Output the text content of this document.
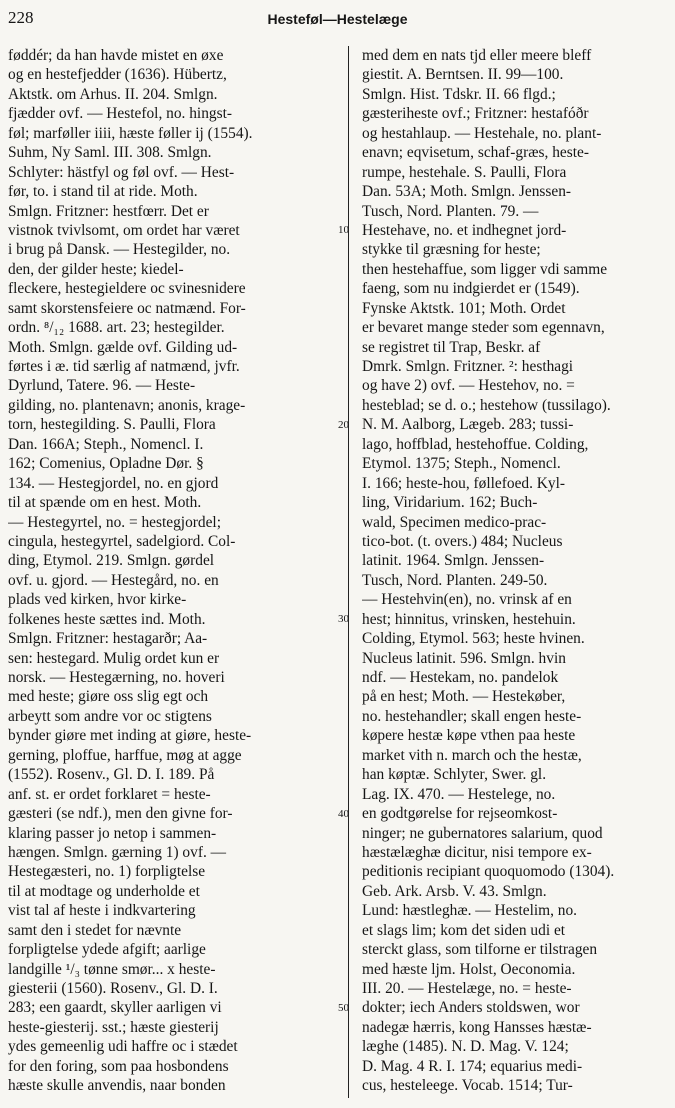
228	Hesteføl—Hestelæge
føddér; da han havde mistet en øxe
og en hestefjedder (1636). Hübertz,
Aktstk. om Arhus. II. 204. Smlgn.
fjædder ovf. — Hestefol, no. hingst-
føl; marføller iiii, hæste føller ij (1554).
Suhm, Ny Saml. III. 308. Smlgn.
Schlyter: hästfyl og føl ovf. — Hest-
før, to. i stand til at ride. Moth.
Smlgn. Fritzner: hestfœrr. Det er
vistnok tvivlsomt, om ordet har været
i brug på Dansk. — Hestegilder, no.
den, der gilder heste; kiedel-
fleckere, hestegieldere oc svinesnidere
samt skorstensfeiere oc natmænd. For-
ordn. ⁸/₁₂ 1688. art. 23; hestegilder.
Moth. Smlgn. gælde ovf. Gilding ud-
førtes i æ. tid særlig af natmænd, jvfr.
Dyrlund, Tatere. 96. — Heste-
gilding, no. plantenavn; anonis, krage-
torn, hestegilding. S. Paulli, Flora
Dan. 166A; Steph., Nomencl. I.
162; Comenius, Opladne Dør. §
134. — Hestegjordel, no. en gjord
til at spænde om en hest. Moth.
— Hestegyrtel, no. = hestegjordel;
cingula, hestegyrtel, sadelgiord. Col-
ding, Etymol. 219. Smlgn. gørdel
ovf. u. gjord. — Hestegård, no. en
plads ved kirken, hvor kirke-
folkenes heste sættes ind. Moth.
Smlgn. Fritzner: hestagarðr; Aa-
sen: hestegard. Mulig ordet kun er
norsk. — Hestegærning, no. hoveri
med heste; giøre oss slig egt och
arbeytt som andre vor oc stigtens
bynder giøre met inding at giøre, heste-
gerning, ploffue, harffue, møg at agge
(1552). Rosenv., Gl. D. I. 189. På
anf. st. er ordet forklaret = heste-
gæsteri (se ndf.), men den givne for-
klaring passer jo netop i sammen-
hængen. Smlgn. gærning 1) ovf. —
Hestegæsteri, no. 1) forpligtelse
til at modtage og underholde et
vist tal af heste i indkvartering
samt den i stedet for nævnte
forpligtelse ydede afgift; aarlige
landgille ¹/₃ tønne smør... x heste-
giesterii (1560). Rosenv., Gl. D. I.
283; een gaardt, skyller aarligen vi
heste-giesterij. sst.; hæste giesterij
ydes gemeenlig udi haffre oc i stædet
for den foring, som paa hosbondens
hæste skulle anvendis, naar bonden
med dem en nats tjd eller meere bleff
giestit. A. Berntsen. II. 99—100.
Smlgn. Hist. Tdskr. II. 66 flgd.;
gæsteriheste ovf.; Fritzner: hestafóðr
og hestahlaup. — Hestehale, no. plant-
enavn; eqvisetum, schaf-græs, heste-
rumpe, hestehale. S. Paulli, Flora
Dan. 53A; Moth. Smlgn. Jenssen-
Tusch, Nord. Planten. 79. —
Hestehave, no. et indhegnet jord-
stykke til græsning for heste;
then hestehaffue, som ligger vdi samme
faeng, som nu indgierdet er (1549).
Fynske Aktstk. 101; Moth. Ordet
er bevaret mange steder som egennavn,
se registret til Trap, Beskr. af
Dmrk. Smlgn. Fritzner. ²: hesthagi
og have 2) ovf. — Hestehov, no. =
hesteblad; se d. o.; hestehow (tussilago).
N. M. Aalborg, Lægeb. 283; tussi-
lago, hoffblad, hestehoffue. Colding,
Etymol. 1375; Steph., Nomencl.
I. 166; heste-hou, føllefoed. Kyl-
ling, Viridarium. 162; Buch-
wald, Specimen medico-prac-
tico-bot. (t. overs.) 484; Nucleus
latinit. 1964. Smlgn. Jenssen-
Tusch, Nord. Planten. 249-50.
— Hestehvin(en), no. vrinsk af en
hest; hinnitus, vrinsken, hestehuin.
Colding, Etymol. 563; heste hvinen.
Nucleus latinit. 596. Smlgn. hvin
ndf. — Hestekam, no. pandelok
på en hest; Moth. — Hestekøber,
no. hestehandler; skall engen heste-
køpere hestæ køpe vthen paa heste
market vith n. march och the hestæ,
han køptæ. Schlyter, Swer. gl.
Lag. IX. 470. — Hestelege, no.
en godtgørelse for rejseomkost-
ninger; ne gubernatores salarium, quod
hæstælæghæ dicitur, nisi tempore ex-
peditionis recipiant quoquomodo (1304).
Geb. Ark. Arsb. V. 43. Smlgn.
Lund: hæstleghæ. — Hestelim, no.
et slags lim; kom det siden udi et
sterckt glass, som tilforne er tilstragen
med hæste ljm. Holst, Oeconomia.
III. 20. — Hestelæge, no. = heste-
dokter; iech Anders stoldswen, wor
nadegæ hærris, kong Hansses hæstæ-
læghe (1485). N. D. Mag. V. 124;
D. Mag. 4 R. I. 174; equarius medi-
cus, hesteleege. Vocab. 1514; Tur-
10
20
30
40
50
